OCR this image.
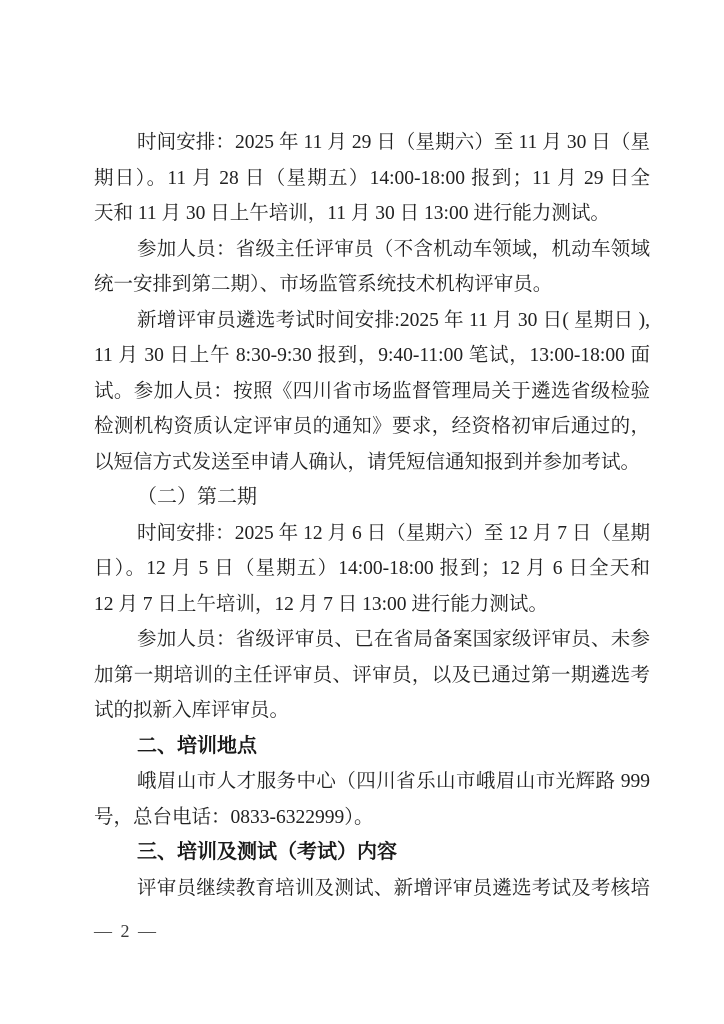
时间安排：2025 年 11 月 29 日（星期六）至 11 月 30 日（星
期日）。11 月 28 日（星期五）14:00-18:00 报到；11 月 29 日全
天和 11 月 30 日上午培训，11 月 30 日 13:00 进行能力测试。
参加人员：省级主任评审员（不含机动车领域，机动车领域
统一安排到第二期）、市场监管系统技术机构评审员。
新增评审员遴选考试时间安排:2025 年 11 月 30 日( 星期日 ),
11 月 30 日上午 8:30-9:30 报到，9:40-11:00 笔试，13:00-18:00 面
试。参加人员：按照《四川省市场监督管理局关于遴选省级检验
检测机构资质认定评审员的通知》要求，经资格初审后通过的，
以短信方式发送至申请人确认，请凭短信通知报到并参加考试。
（二）第二期
时间安排：2025 年 12 月 6 日（星期六）至 12 月 7 日（星期
日）。12 月 5 日（星期五）14:00-18:00 报到；12 月 6 日全天和
12 月 7 日上午培训，12 月 7 日 13:00 进行能力测试。
参加人员：省级评审员、已在省局备案国家级评审员、未参
加第一期培训的主任评审员、评审员，以及已通过第一期遴选考
试的拟新入库评审员。
二、培训地点
峨眉山市人才服务中心（四川省乐山市峨眉山市光辉路 999
号，总台电话：0833-6322999）。
三、培训及测试（考试）内容
评审员继续教育培训及测试、新增评审员遴选考试及考核培
— 2 —
